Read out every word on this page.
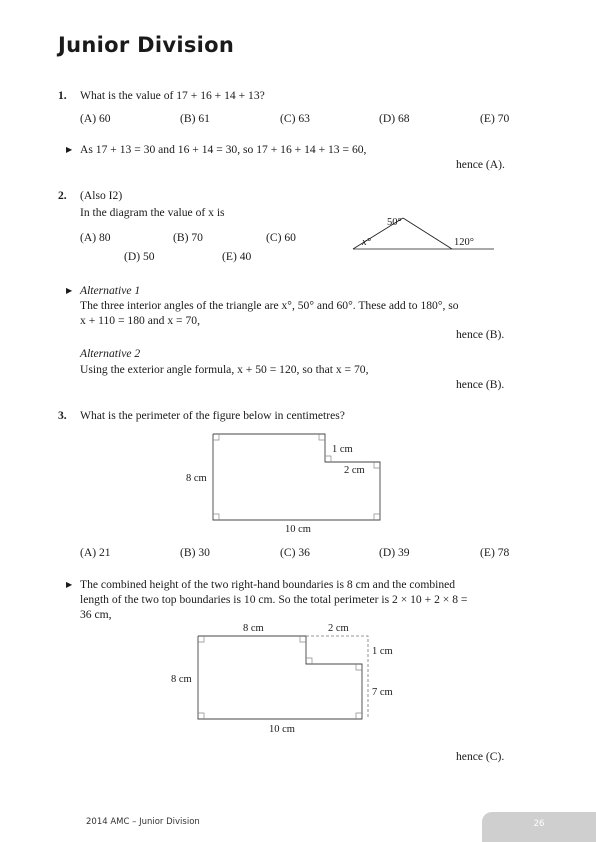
Junior Division
1. What is the value of 17 + 16 + 14 + 13?
(A) 60	(B) 61	(C) 63	(D) 68	(E) 70
▶ As 17 + 13 = 30 and 16 + 14 = 30, so 17 + 16 + 14 + 13 = 60,
hence (A).
2. (Also I2)
In the diagram the value of x is
(A) 80	(B) 70	(C) 60
(D) 50	(E) 40
50°
x°	120°
▶ Alternative 1
The three interior angles of the triangle are x°, 50° and 60°. These add to 180°, so
x + 110 = 180 and x = 70,
hence (B).
Alternative 2
Using the exterior angle formula, x + 50 = 120, so that x = 70,
hence (B).
3. What is the perimeter of the figure below in centimetres?
8 cm
1 cm
2 cm
10 cm
(A) 21	(B) 30	(C) 36	(D) 39	(E) 78
▶ The combined height of the two right-hand boundaries is 8 cm and the combined
length of the two top boundaries is 10 cm. So the total perimeter is 2 × 10 + 2 × 8 =
36 cm,
8 cm	2 cm
1 cm
8 cm
7 cm
10 cm
hence (C).
2014 AMC – Junior Division	26
